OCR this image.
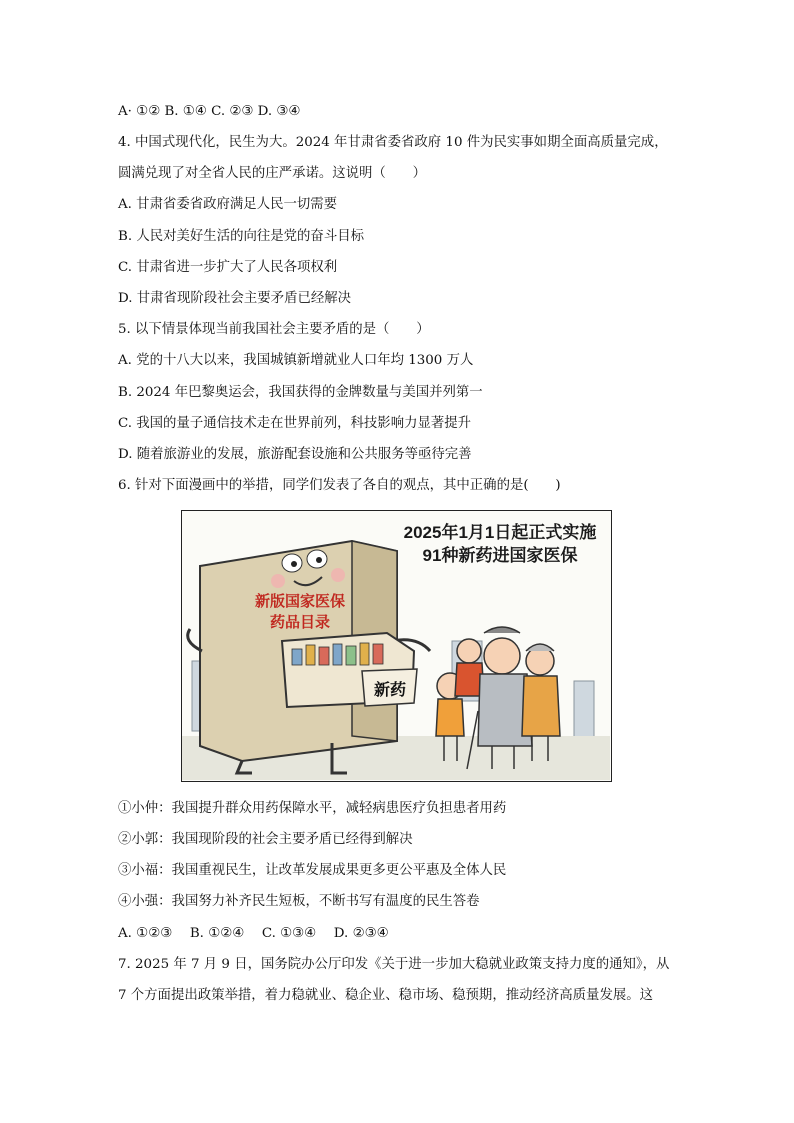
A· ①② B. ①④ C. ②③ D. ③④
4. 中国式现代化，民生为大。2024 年甘肃省委省政府 10 件为民实事如期全面高质量完成，
圆满兑现了对全省人民的庄严承诺。这说明（　　）
A. 甘肃省委省政府满足人民一切需要
B. 人民对美好生活的向往是党的奋斗目标
C. 甘肃省进一步扩大了人民各项权利
D. 甘肃省现阶段社会主要矛盾已经解决
5. 以下情景体现当前我国社会主要矛盾的是（　　）
A. 党的十八大以来，我国城镇新增就业人口年均 1300 万人
B. 2024 年巴黎奥运会，我国获得的金牌数量与美国并列第一
C. 我国的量子通信技术走在世界前列，科技影响力显著提升
D. 随着旅游业的发展，旅游配套设施和公共服务等亟待完善
6. 针对下面漫画中的举措，同学们发表了各自的观点，其中正确的是(　　)
2025年1月1日起正式实施
91种新药进国家医保
新版国家医保
药品目录
新药
①小仲：我国提升群众用药保障水平，减轻病患医疗负担患者用药
②小郭：我国现阶段的社会主要矛盾已经得到解决
③小福：我国重视民生，让改革发展成果更多更公平惠及全体人民
④小强：我国努力补齐民生短板，不断书写有温度的民生答卷
A. ①②③　 B. ①②④　 C. ①③④　 D. ②③④
7. 2025 年 7 月 9 日，国务院办公厅印发《关于进一步加大稳就业政策支持力度的通知》，从
7 个方面提出政策举措，着力稳就业、稳企业、稳市场、稳预期，推动经济高质量发展。这
